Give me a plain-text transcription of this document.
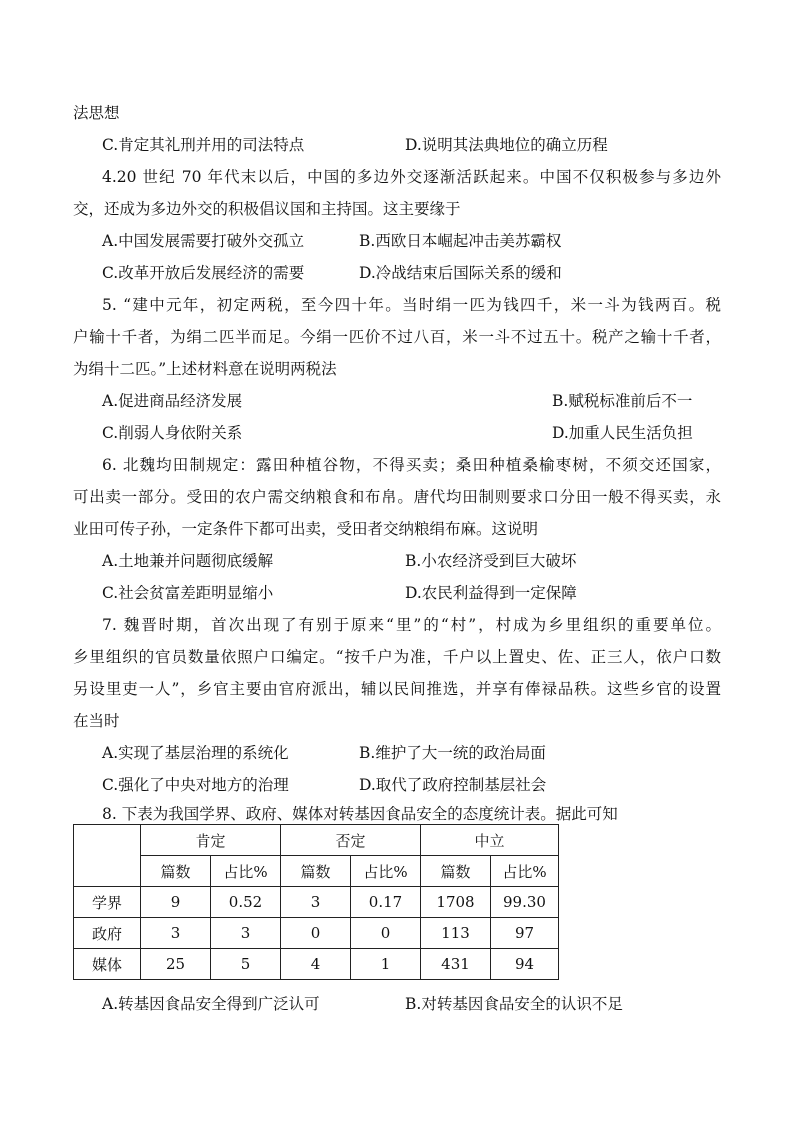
法思想
C.肯定其礼刑并用的司法特点	D.说明其法典地位的确立历程
4.20 世纪 70 年代末以后，中国的多边外交逐渐活跃起来。中国不仅积极参与多边外
交，还成为多边外交的积极倡议国和主持国。这主要缘于
A.中国发展需要打破外交孤立	B.西欧日本崛起冲击美苏霸权
C.改革开放后发展经济的需要	D.冷战结束后国际关系的缓和
5. “建中元年，初定两税，至今四十年。当时绢一匹为钱四千，米一斗为钱两百。税
户输十千者，为绢二匹半而足。今绢一匹价不过八百，米一斗不过五十。税产之输十千者，
为绢十二匹。”上述材料意在说明两税法
A.促进商品经济发展	B.赋税标准前后不一
C.削弱人身依附关系	D.加重人民生活负担
6. 北魏均田制规定：露田种植谷物，不得买卖；桑田种植桑榆枣树，不须交还国家，
可出卖一部分。受田的农户需交纳粮食和布帛。唐代均田制则要求口分田一般不得买卖，永
业田可传子孙，一定条件下都可出卖，受田者交纳粮绢布麻。这说明
A.土地兼并问题彻底缓解	B.小农经济受到巨大破坏
C.社会贫富差距明显缩小	D.农民利益得到一定保障
7. 魏晋时期，首次出现了有别于原来“里”的“村”，村成为乡里组织的重要单位。
乡里组织的官员数量依照户口编定。“按千户为准，千户以上置史、佐、正三人，依户口数
另设里吏一人”，乡官主要由官府派出，辅以民间推选，并享有俸禄品秩。这些乡官的设置
在当时
A.实现了基层治理的系统化	B.维护了大一统的政治局面
C.强化了中央对地方的治理	D.取代了政府控制基层社会
8. 下表为我国学界、政府、媒体对转基因食品安全的态度统计表。据此可知
	肯定		否定		中立	
	篇数	占比%	篇数	占比%	篇数	占比%
学界	9	0.52	3	0.17	1708	99.30
政府	3	3	0	0	113	97
媒体	25	5	4	1	431	94
A.转基因食品安全得到广泛认可	B.对转基因食品安全的认识不足
